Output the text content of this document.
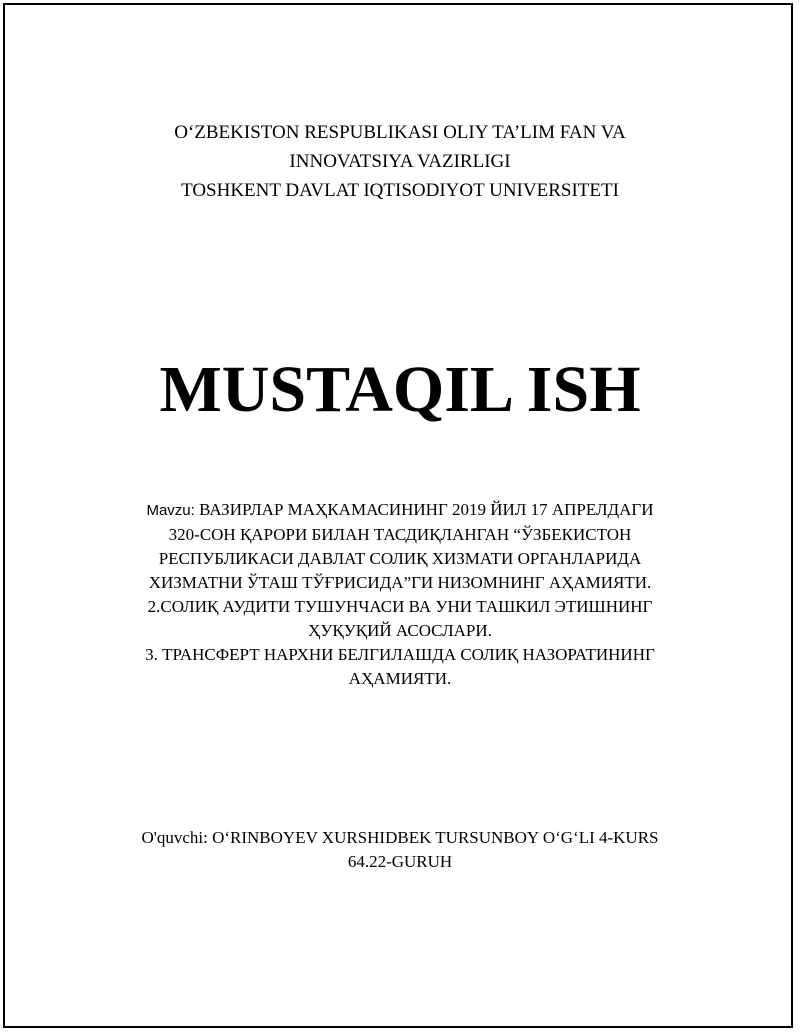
O‘ZBEKISTON RESPUBLIKASI OLIY TA’LIM FAN VA
INNOVATSIYA VAZIRLIGI
TOSHKENT DAVLAT IQTISODIYOT UNIVERSITETI
MUSTAQIL ISH
Mavzu: ВАЗИРЛАР МАҲКАМАСИНИНГ 2019 ЙИЛ 17 АПРЕЛДАГИ
320-СОН ҚАРОРИ БИЛАН ТАСДИҚЛАНГАН “ЎЗБЕКИСТОН
РЕСПУБЛИКАСИ ДАВЛАТ СОЛИҚ ХИЗМАТИ ОРГАНЛАРИДА
ХИЗМАТНИ ЎТАШ ТЎҒРИСИДА”ГИ НИЗОМНИНГ АҲАМИЯТИ.
2.СОЛИҚ АУДИТИ ТУШУНЧАСИ ВА УНИ ТАШКИЛ ЭТИШНИНГ
ҲУҚУҚИЙ АСОСЛАРИ.
3. ТРАНСФЕРТ НАРХНИ БЕЛГИЛАШДА СОЛИҚ НАЗОРАТИНИНГ
АҲАМИЯТИ.
O'quvchi: O‘RINBOYEV XURSHIDBEK TURSUNBOY O‘G‘LI 4-KURS
64.22-GURUH
